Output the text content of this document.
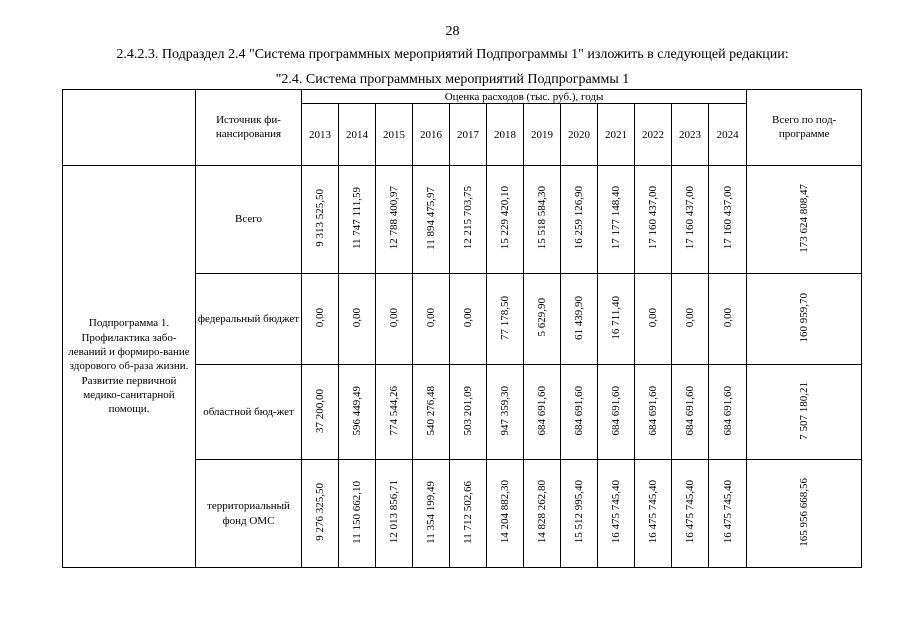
28
2.4.2.3. Подраздел 2.4 "Система программных мероприятий Подпрограммы 1" изложить в следующей редакции:
"2.4. Система программных мероприятий Подпрограммы 1
	Источник фи-нансирования	Оценка расходов (тыс. руб.), годы												Всего по под-программе
		2013	2014	2015	2016	2017	2018	2019	2020	2021	2022	2023	2024	
Подпрограмма 1. Профилактика забо-леваний и формиро-вание здорового об-раза жизни. Развитие первичной медико-санитарной помощи.	Всего	9 313 525,50	11 747 111,59	12 788 400,97	11 894 475,97	12 215 703,75	15 229 420,10	15 518 584,30	16 259 126,90	17 177 148,40	17 160 437,00	17 160 437,00	17 160 437,00	173 624 808,47
	федеральный бюджет	0,00	0,00	0,00	0,00	0,00	77 178,50	5 629,90	61 439,90	16 711,40	0,00	0,00	0,00	160 959,70
	областной бюд-жет	37 200,00	596 449,49	774 544,26	540 276,48	503 201,09	947 359,30	684 691,60	684 691,60	684 691,60	684 691,60	684 691,60	684 691,60	7 507 180,21
	территориальный фонд ОМС	9 276 325,50	11 150 662,10	12 013 856,71	11 354 199,49	11 712 502,66	14 204 882,30	14 828 262,80	15 512 995,40	16 475 745,40	16 475 745,40	16 475 745,40	16 475 745,40	165 956 668,56
